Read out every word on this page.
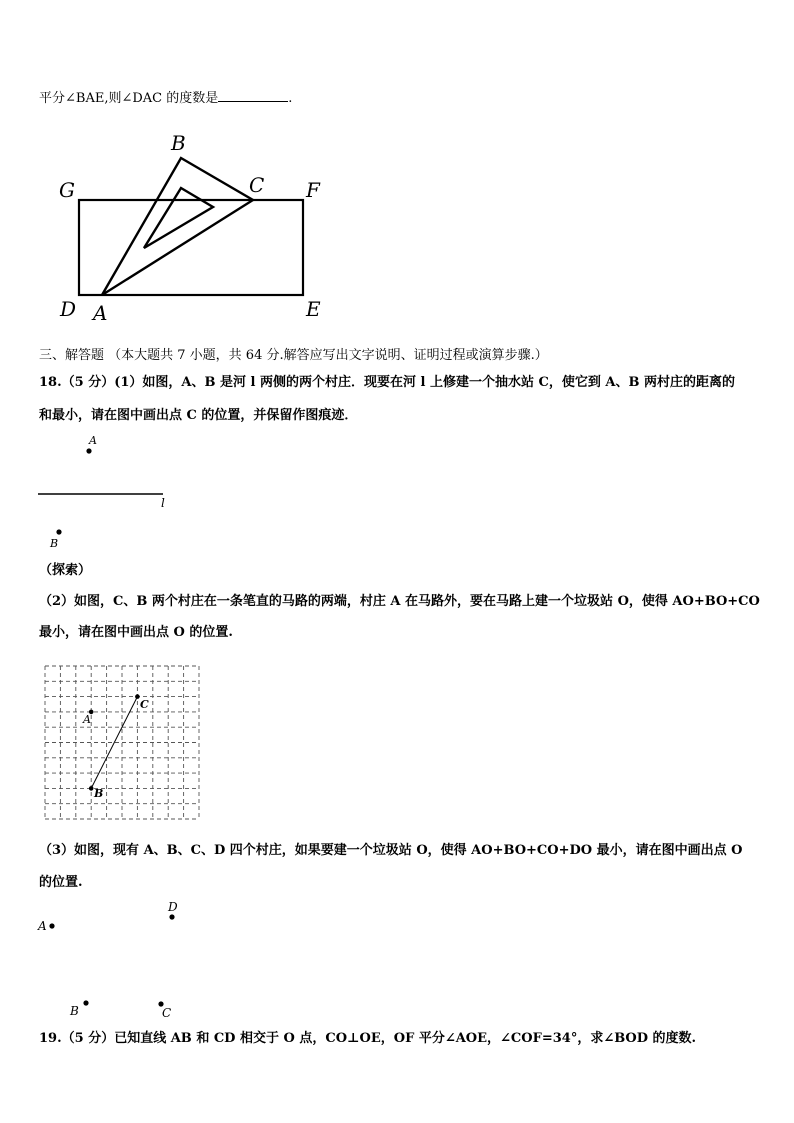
平分∠BAE,则∠DAC 的度数是	.
B
C
G	F
D A	E
三、解答题 （本大题共 7 小题，共 64 分.解答应写出文字说明、证明过程或演算步骤.）
18.（5 分）(1）如图，A、B 是河 l 两侧的两个村庄．现要在河 l 上修建一个抽水站 C，使它到 A、B 两村庄的距离的
和最小，请在图中画出点 C 的位置，并保留作图痕迹．
A
l
B
（探索）
（2）如图，C、B 两个村庄在一条笔直的马路的两端，村庄 A 在马路外，要在马路上建一个垃圾站 O，使得 AO+BO+CO
最小，请在图中画出点 O 的位置.
A
C
B
（3）如图，现有 A、B、C、D 四个村庄，如果要建一个垃圾站 O，使得 AO+BO+CO+DO 最小，请在图中画出点 O
的位置.
D
A
B	C
19.（5 分）已知直线 AB 和 CD 相交于 O 点，CO⊥OE，OF 平分∠AOE，∠COF=34°，求∠BOD 的度数.
